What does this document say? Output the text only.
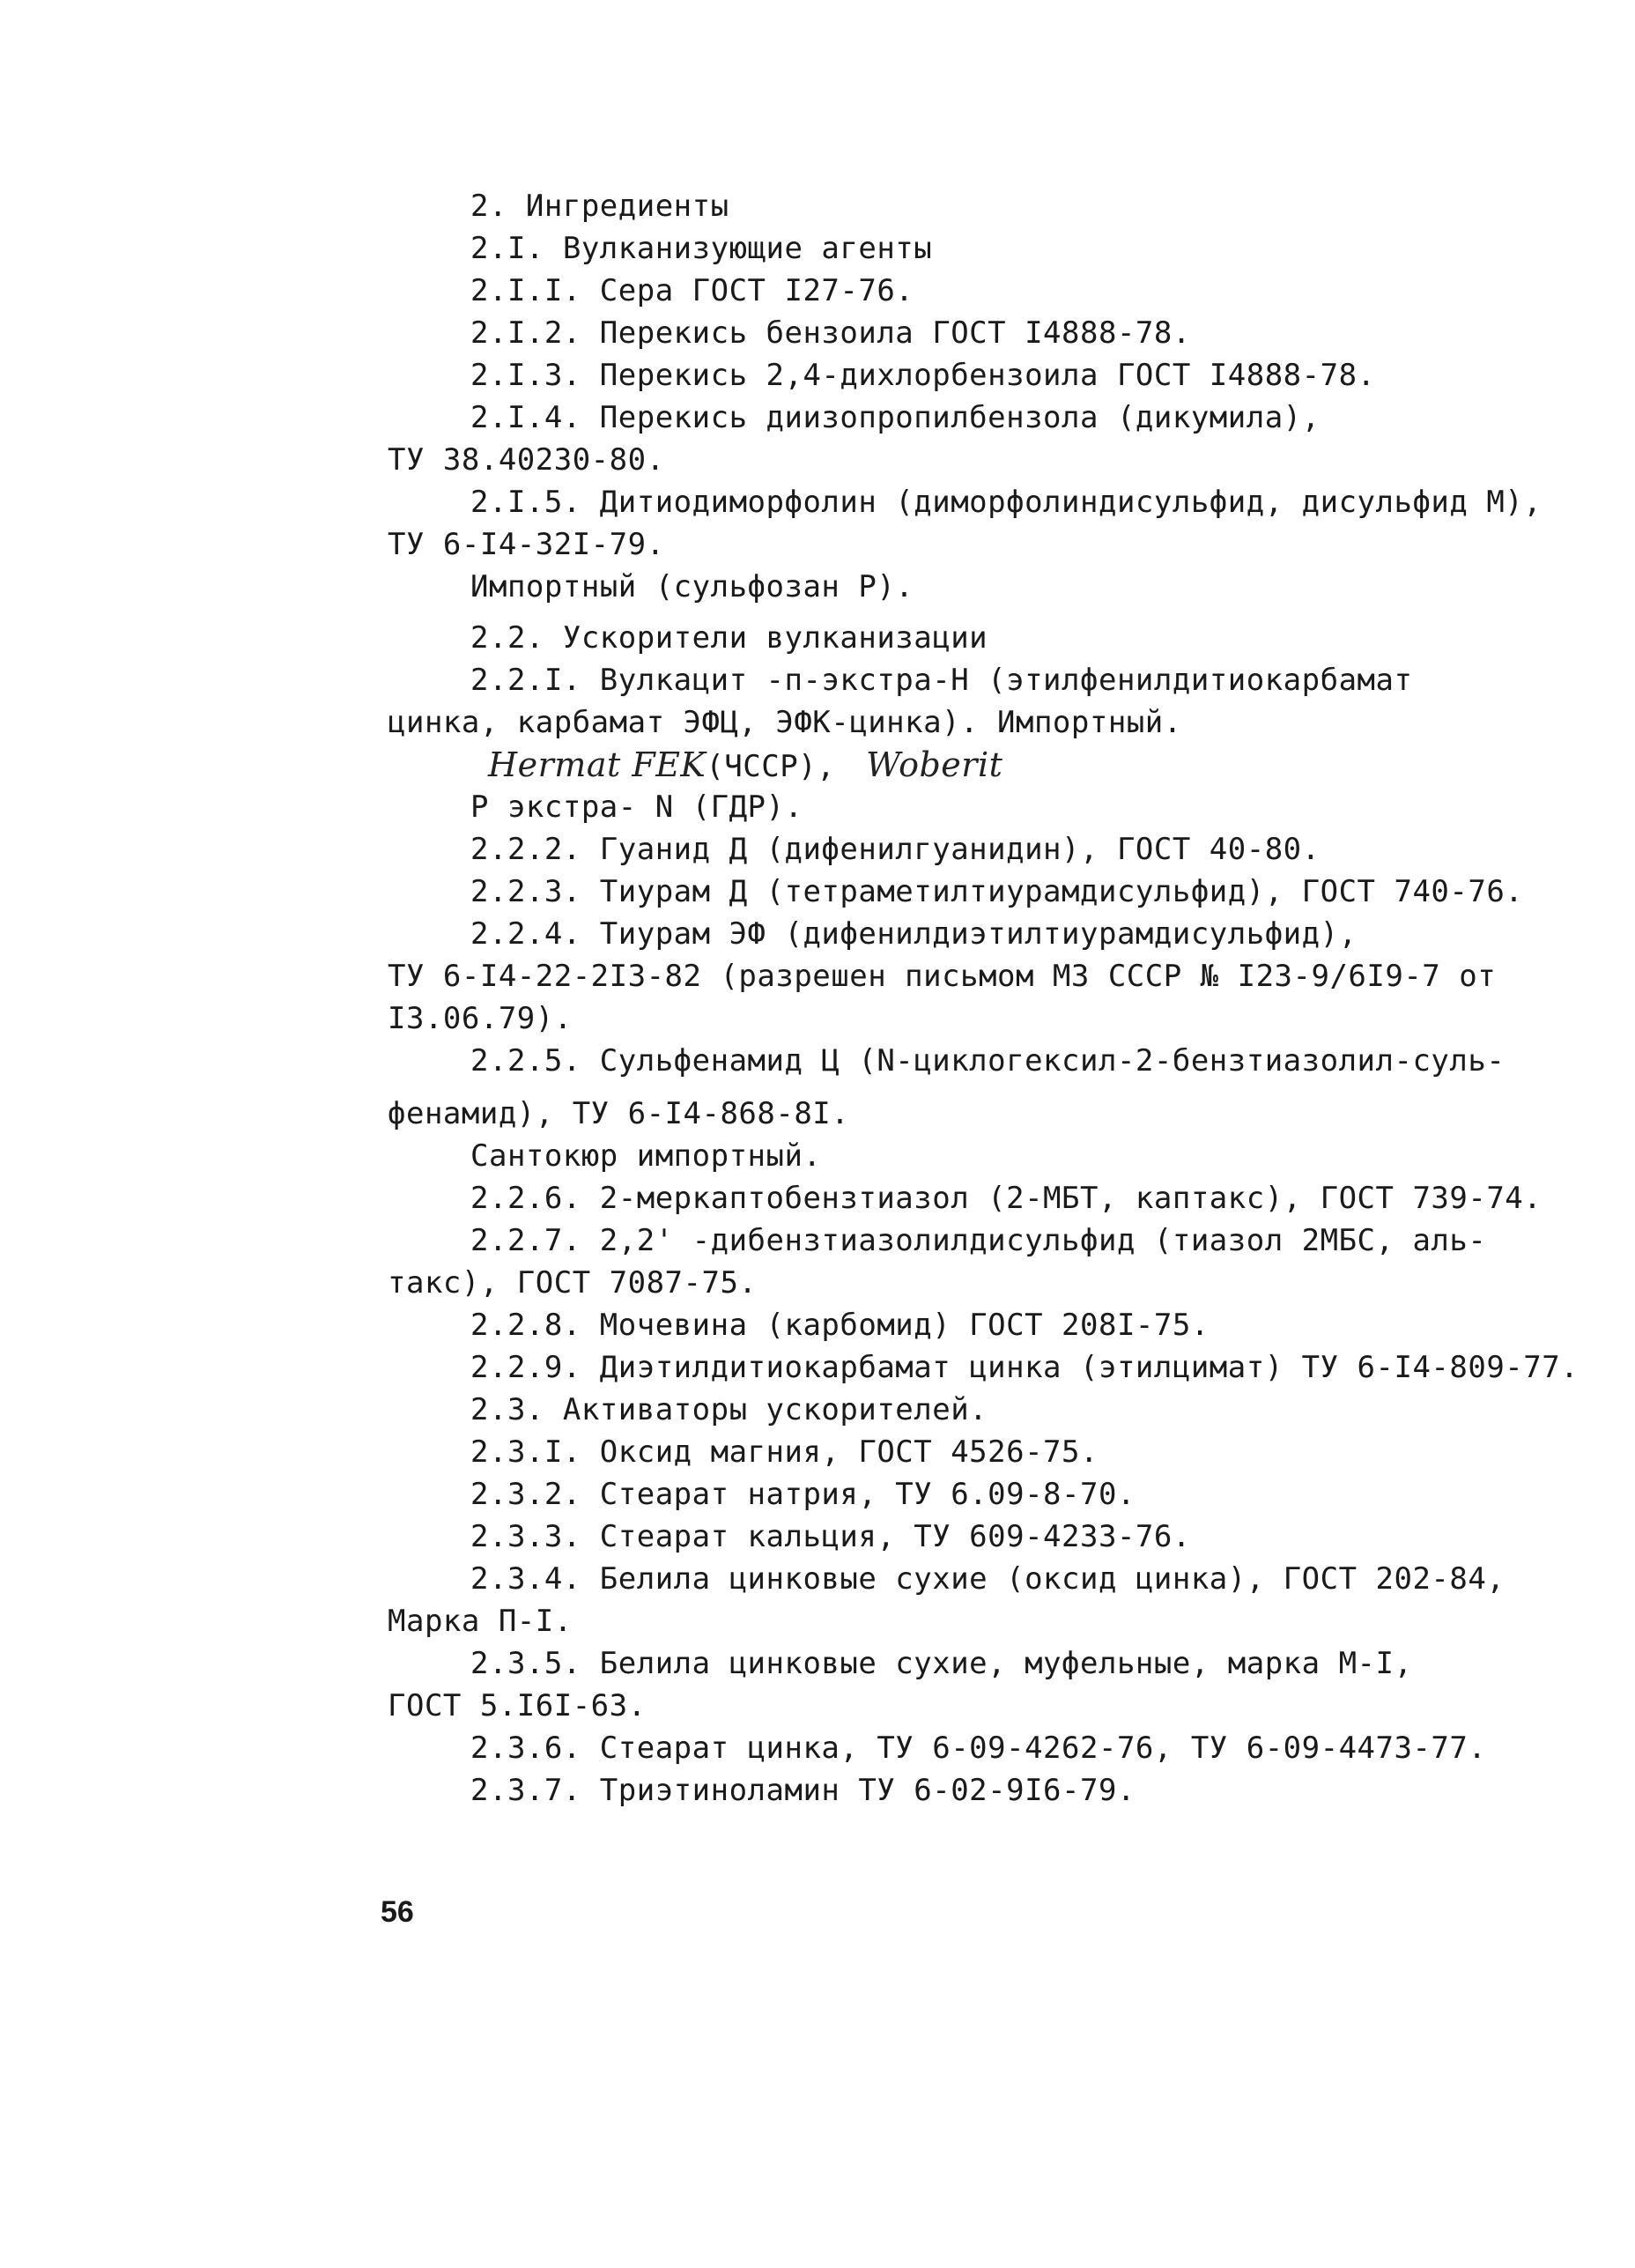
2. Ингредиенты
2.I. Вулканизующие агенты
2.I.I. Сера ГОСТ I27-76.
2.I.2. Перекись бензоила ГОСТ I4888-78.
2.I.3. Перекись 2,4-дихлорбензоила ГОСТ I4888-78.
2.I.4. Перекись диизопропилбензола (дикумила),
ТУ 38.40230-80.
2.I.5. Дитиодиморфолин (диморфолиндисульфид, дисульфид М),
ТУ 6-I4-32I-79.
Импортный (сульфозан Р).
2.2. Ускорители вулканизации
2.2.I. Вулкацит -п-экстра-Н (этилфенилдитиокарбамат
цинка, карбамат ЭФЦ, ЭФК-цинка). Импортный.
Hermat FEK(ЧССР), Woberit
Р экстра- N (ГДР).
2.2.2. Гуанид Д (дифенилгуанидин), ГОСТ 40-80.
2.2.3. Тиурам Д (тетраметилтиурамдисульфид), ГОСТ 740-76.
2.2.4. Тиурам ЭФ (дифенилдиэтилтиурамдисульфид),
ТУ 6-I4-22-2I3-82 (разрешен письмом МЗ СССР № I23-9/6I9-7 от
I3.06.79).
2.2.5. Сульфенамид Ц (N-циклогексил-2-бензтиазолил-суль-
фенамид), ТУ 6-I4-868-8I.
Сантокюр импортный.
2.2.6. 2-меркаптобензтиазол (2-МБТ, каптакс), ГОСТ 739-74.
2.2.7. 2,2' -дибензтиазолилдисульфид (тиазол 2МБС, аль-
такс), ГОСТ 7087-75.
2.2.8. Мочевина (карбомид) ГОСТ 208I-75.
2.2.9. Диэтилдитиокарбамат цинка (этилцимат) ТУ 6-I4-809-77.
2.3. Активаторы ускорителей.
2.3.I. Оксид магния, ГОСТ 4526-75.
2.3.2. Стеарат натрия, ТУ 6.09-8-70.
2.3.3. Стеарат кальция, ТУ 609-4233-76.
2.3.4. Белила цинковые сухие (оксид цинка), ГОСТ 202-84,
Марка П-I.
2.3.5. Белила цинковые сухие, муфельные, марка М-I,
ГОСТ 5.I6I-63.
2.3.6. Стеарат цинка, ТУ 6-09-4262-76, ТУ 6-09-4473-77.
2.3.7. Триэтиноламин ТУ 6-02-9I6-79.
56
